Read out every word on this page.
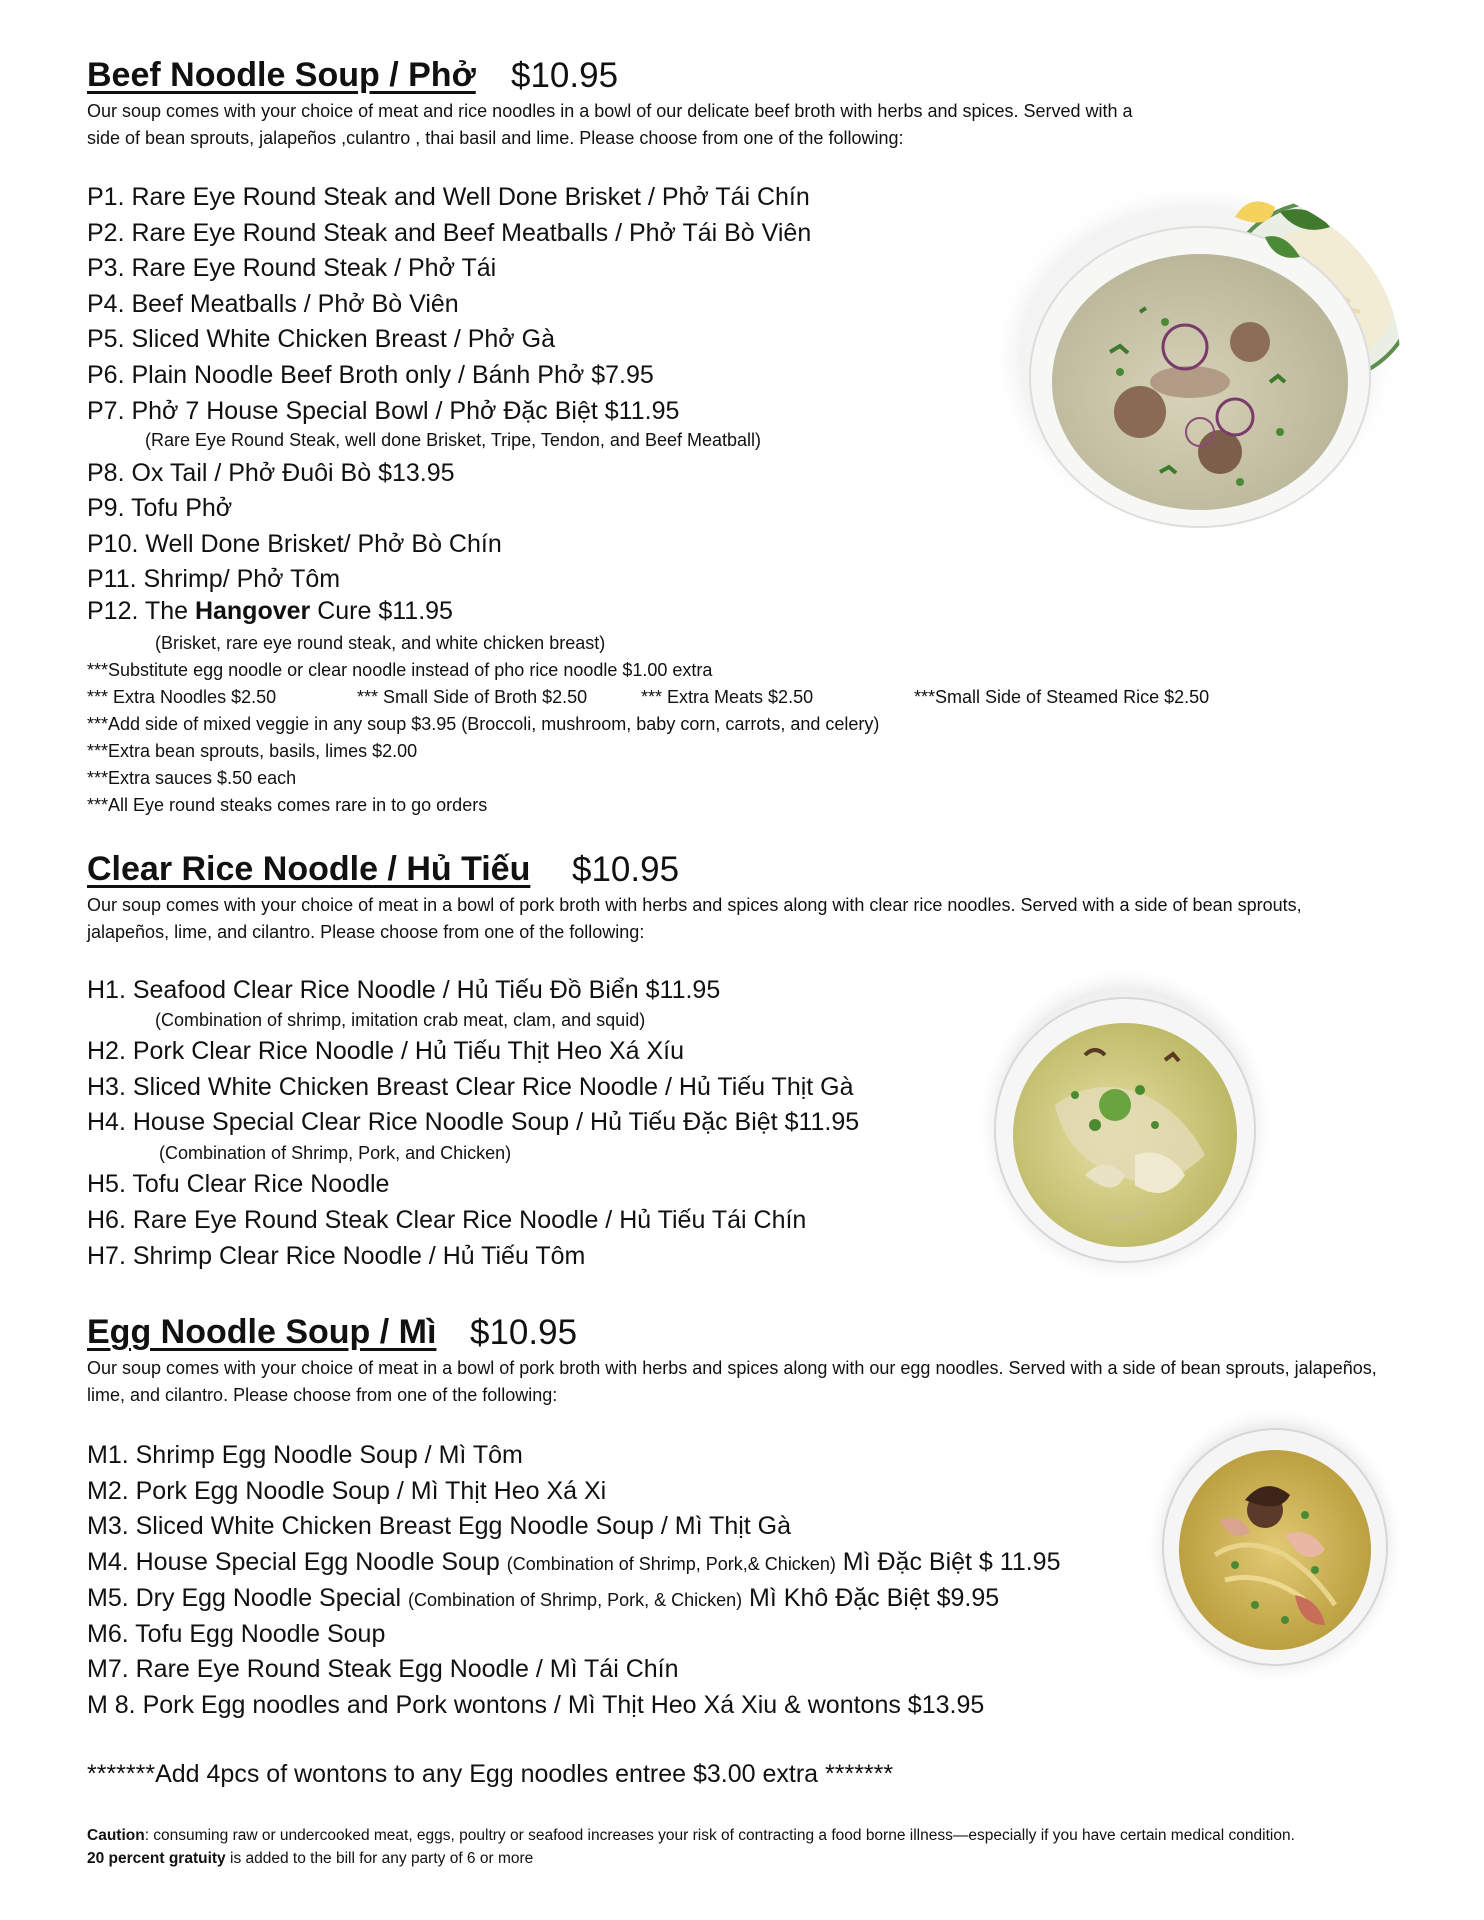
Beef Noodle Soup / Phở $10.95
Our soup comes with your choice of meat and rice noodles in a bowl of our delicate beef broth with herbs and spices. Served with a side of bean sprouts, jalapeños ,culantro , thai basil and lime. Please choose from one of the following:
P1. Rare Eye Round Steak and Well Done Brisket / Phở Tái Chín
P2. Rare Eye Round Steak and Beef Meatballs / Phở Tái Bò Viên
P3. Rare Eye Round Steak / Phở Tái
P4. Beef Meatballs / Phở Bò Viên
P5. Sliced White Chicken Breast / Phở Gà
P6. Plain Noodle Beef Broth only / Bánh Phở $7.95
P7. Phở 7 House Special Bowl / Phở Đặc Biệt $11.95
P8. Ox Tail / Phở Đuôi Bò $13.95
P9. Tofu Phở
P10. Well Done Brisket/ Phở Bò Chín
P11. Shrimp/ Phở Tôm
(Rare Eye Round Steak, well done Brisket, Tripe, Tendon, and Beef Meatball)
P12. The Hangover Cure $11.95
(Brisket, rare eye round steak, and white chicken breast)
***Substitute egg noodle or clear noodle instead of pho rice noodle $1.00 extra
*** Extra Noodles $2.50	*** Small Side of Broth $2.50	*** Extra Meats $2.50	***Small Side of Steamed Rice $2.50
***Add side of mixed veggie in any soup $3.95 (Broccoli, mushroom, baby corn, carrots, and celery)
***Extra bean sprouts, basils, limes $2.00
***Extra sauces $.50 each
***All Eye round steaks comes rare in to go orders
Clear Rice Noodle / Hủ Tiếu $10.95
Our soup comes with your choice of meat in a bowl of pork broth with herbs and spices along with clear rice noodles. Served with a side of bean sprouts, jalapeños, lime, and cilantro. Please choose from one of the following:
H1. Seafood Clear Rice Noodle / Hủ Tiếu Đồ Biển $11.95
(Combination of shrimp, imitation crab meat, clam, and squid)
H2. Pork Clear Rice Noodle / Hủ Tiếu Thịt Heo Xá Xíu
H3. Sliced White Chicken Breast Clear Rice Noodle / Hủ Tiếu Thịt Gà
H4. House Special Clear Rice Noodle Soup / Hủ Tiếu Đặc Biệt $11.95
(Combination of Shrimp, Pork, and Chicken)
H5. Tofu Clear Rice Noodle
H6. Rare Eye Round Steak Clear Rice Noodle / Hủ Tiếu Tái Chín
H7. Shrimp Clear Rice Noodle / Hủ Tiếu Tôm
Egg Noodle Soup / Mì $10.95
Our soup comes with your choice of meat in a bowl of pork broth with herbs and spices along with our egg noodles. Served with a side of bean sprouts, jalapeños, lime, and cilantro. Please choose from one of the following:
M1. Shrimp Egg Noodle Soup / Mì Tôm
M2. Pork Egg Noodle Soup / Mì Thịt Heo Xá Xi
M3. Sliced White Chicken Breast Egg Noodle Soup / Mì Thịt Gà
M4. House Special Egg Noodle Soup (Combination of Shrimp, Pork,& Chicken) Mì Đặc Biệt $ 11.95
M5. Dry Egg Noodle Special (Combination of Shrimp, Pork, & Chicken) Mì Khô Đặc Biệt $9.95
M6. Tofu Egg Noodle Soup
M7. Rare Eye Round Steak Egg Noodle / Mì Tái Chín
M 8. Pork Egg noodles and Pork wontons / Mì Thịt Heo Xá Xiu & wontons $13.95
*******Add 4pcs of wontons to any Egg noodles entree $3.00 extra *******
Caution: consuming raw or undercooked meat, eggs, poultry or seafood increases your risk of contracting a food borne illness—especially if you have certain medical condition.
20 percent gratuity is added to the bill for any party of 6 or more
